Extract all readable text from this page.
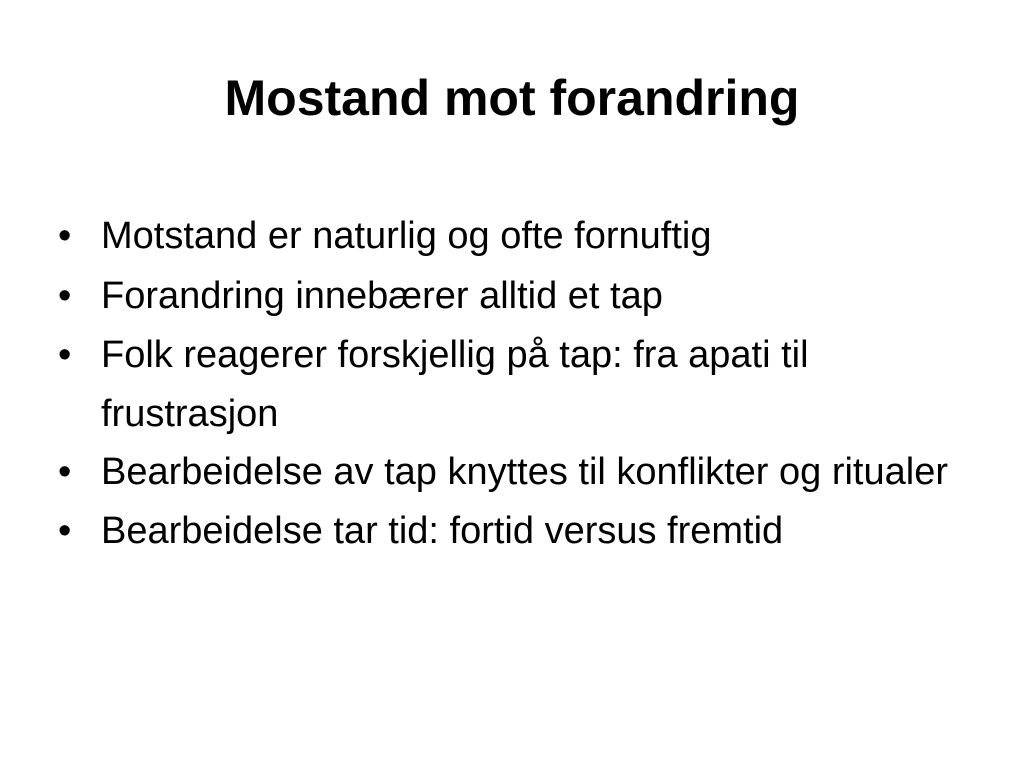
Mostand mot forandring
• Motstand er naturlig og ofte fornuftig
• Forandring innebærer alltid et tap
• Folk reagerer forskjellig på tap: fra apati til frustrasjon
• Bearbeidelse av tap knyttes til konflikter og ritualer
• Bearbeidelse tar tid: fortid versus fremtid
